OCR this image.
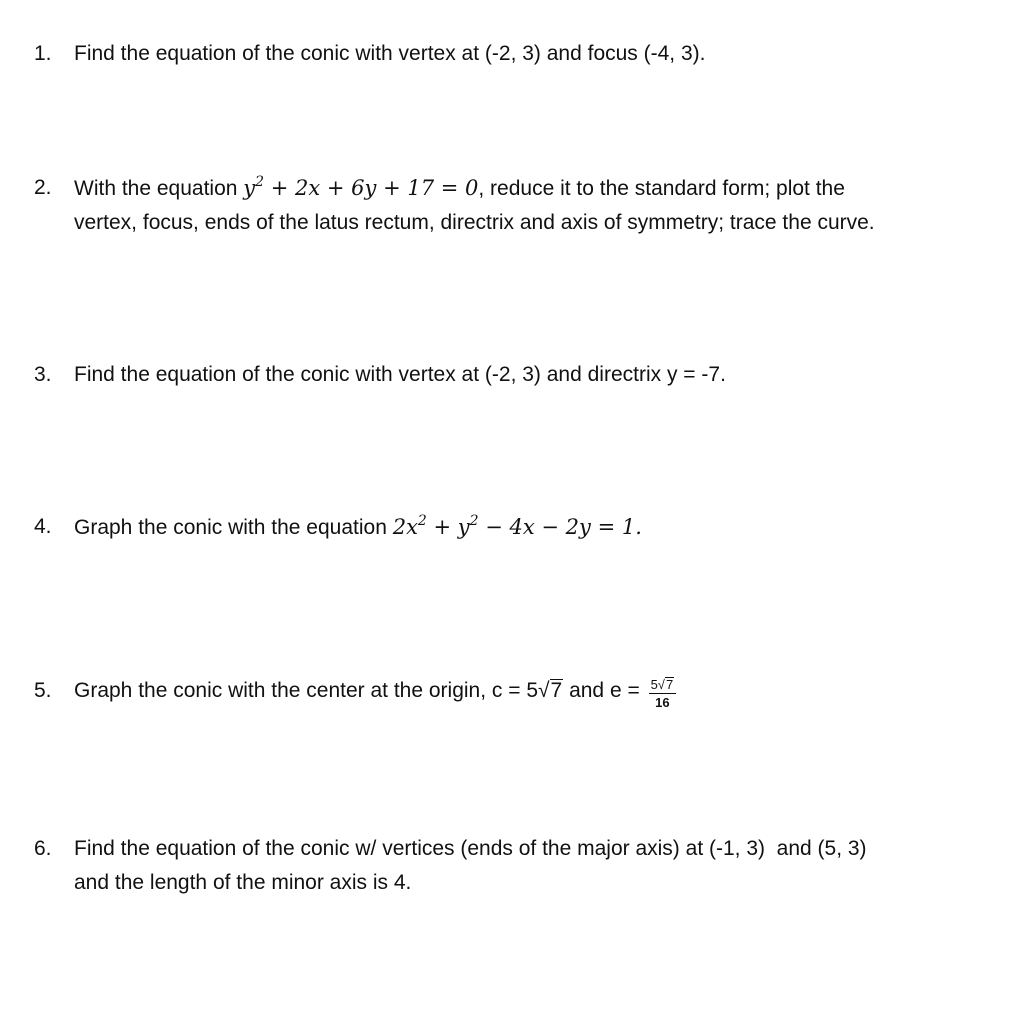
1.	Find the equation of the conic with vertex at (-2, 3) and focus (-4, 3).
2.	With the equation $y^2 + 2x + 6y + 17 = 0$, reduce it to the standard form; plot the
vertex, focus, ends of the latus rectum, directrix and axis of symmetry; trace the curve.
3.	Find the equation of the conic with vertex at (-2, 3) and directrix y = -7.
4.	Graph the conic with the equation $2x^2 + y^2 - 4x - 2y = 1$.
5.	Graph the conic with the center at the origin, c = 5√7 and $e = \frac{5√7}{16}$
6.	Find the equation of the conic w/ vertices (ends of the major axis) at (-1, 3)  and (5, 3)
and the length of the minor axis is 4.
